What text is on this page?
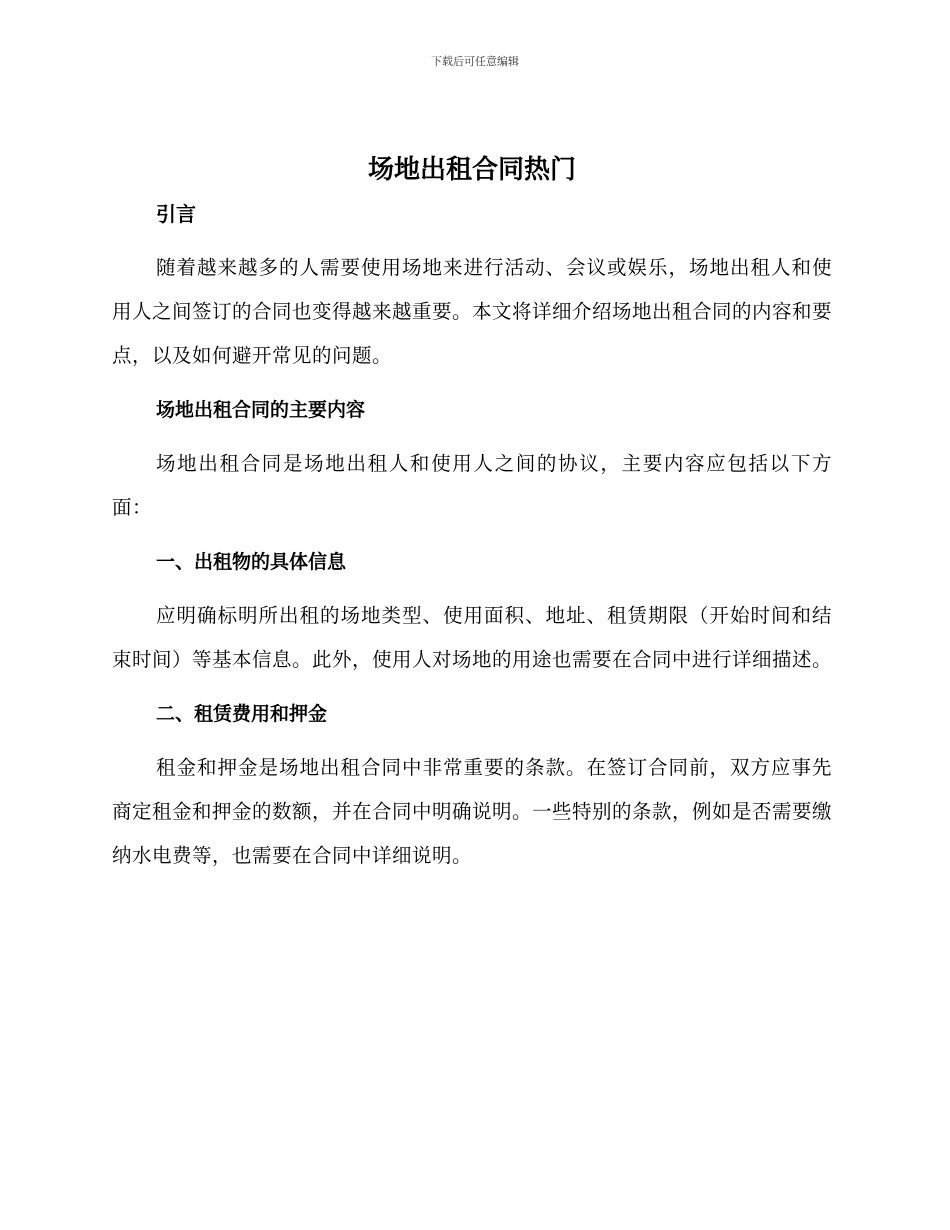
下载后可任意编辑
场地出租合同热门
引言

随着越来越多的人需要使用场地来进行活动、会议或娱乐，场地出租人和使用人之间签订的合同也变得越来越重要。本文将详细介绍场地出租合同的内容和要点，以及如何避开常见的问题。

场地出租合同的主要内容

场地出租合同是场地出租人和使用人之间的协议，主要内容应包括以下方面：

一、出租物的具体信息

应明确标明所出租的场地类型、使用面积、地址、租赁期限（开始时间和结束时间）等基本信息。此外，使用人对场地的用途也需要在合同中进行详细描述。

二、租赁费用和押金

租金和押金是场地出租合同中非常重要的条款。在签订合同前，双方应事先商定租金和押金的数额，并在合同中明确说明。一些特别的条款，例如是否需要缴纳水电费等，也需要在合同中详细说明。
